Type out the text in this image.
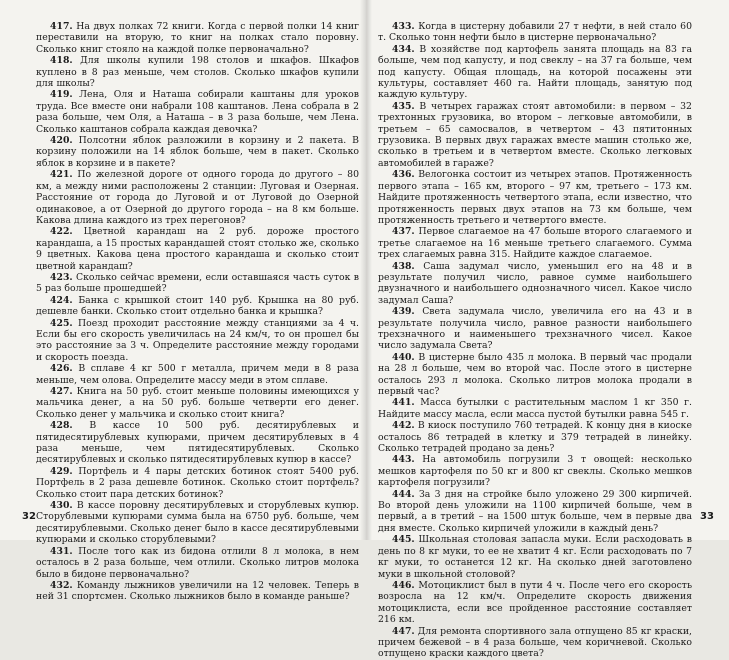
417. На двух полках 72 книги. Когда с первой полки 14 книг переставили на вторую, то книг на полках стало поровну. Сколько книг стояло на каждой полке первоначально?

418. Для школы купили 198 столов и шкафов. Шкафов куплено в 8 раз меньше, чем столов. Сколько шкафов купили для школы?

419. Лена, Оля и Наташа собирали каштаны для уроков труда. Все вместе они набрали 108 каштанов. Лена собрала в 2 раза больше, чем Оля, а Наташа – в 3 раза больше, чем Лена. Сколько каштанов собрала каждая девочка?

420. Полсотни яблок разложили в корзину и 2 пакета. В корзину положили на 14 яблок больше, чем в пакет. Сколько яблок в корзине и в пакете?

421. По железной дороге от одного города до другого – 80 км, а между ними расположены 2 станции: Луговая и Озерная. Расстояние от города до Луговой и от Луговой до Озерной одинаковое, а от Озерной до другого города – на 8 км больше. Какова длина каждого из трех перегонов?

422. Цветной карандаш на 2 руб. дороже простого карандаша, а 15 простых карандашей стоят столько же, сколько 9 цветных. Какова цена простого карандаша и сколько стоит цветной карандаш?

423. Сколько сейчас времени, если оставшаяся часть суток в 5 раз больше прошедшей?

424. Банка с крышкой стоит 140 руб. Крышка на 80 руб. дешевле банки. Сколько стоит отдельно банка и крышка?

425. Поезд проходит расстояние между станциями за 4 ч. Если бы его скорость увеличилась на 24 км/ч, то он прошел бы это расстояние за 3 ч. Определите расстояние между городами и скорость поезда.

426. В сплаве 4 кг 500 г металла, причем меди в 8 раза меньше, чем олова. Определите массу меди в этом сплаве.

427. Книга на 50 руб. стоит меньше половины имеющихся у мальчика денег, а на 50 руб. больше четверти его денег. Сколько денег у мальчика и сколько стоит книга?

428. В кассе 10 500 руб. десятирублевых и пятидесятирублевых купюрами, причем десятирублевых в 4 раза меньше, чем пятидесятирублевых. Сколько десятирублевых и сколько пятидесятирублевых купюр в кассе?

429. Портфель и 4 пары детских ботинок стоят 5400 руб. Портфель в 2 раза дешевле ботинок. Сколько стоит портфель? Сколько стоит пара детских ботинок?

430. В кассе поровну десятирублевых и сторублевых купюр. Сторублевыми купюрами сумма была на 6750 руб. больше, чем десятирублевыми. Сколько денег было в кассе десятирублевыми купюрами и сколько сторублевыми?

431. После того как из бидона отлили 8 л молока, в нем осталось в 2 раза больше, чем отлили. Сколько литров молока было в бидоне первоначально?

432. Команду лыжников увеличили на 12 человек. Теперь в ней 31 спортсмен. Сколько лыжников было в команде раньше?

32

433. Когда в цистерну добавили 27 т нефти, в ней стало 60 т. Сколько тонн нефти было в цистерне первоначально?

434. В хозяйстве под картофель занята площадь на 83 га больше, чем под капусту, и под свеклу – на 37 га больше, чем под капусту. Общая площадь, на которой посажены эти культуры, составляет 460 га. Найти площадь, занятую под каждую культуру.

435. В четырех гаражах стоят автомобили: в первом – 32 трехтонных грузовика, во втором – легковые автомобили, в третьем – 65 самосвалов, в четвертом – 43 пятитонных грузовика. В первых двух гаражах вместе машин столько же, сколько в третьем и в четвертом вместе. Сколько легковых автомобилей в гараже?

436. Велогонка состоит из четырех этапов. Протяженность первого этапа – 165 км, второго – 97 км, третьего – 173 км. Найдите протяженность четвертого этапа, если известно, что протяженность первых двух этапов на 73 км больше, чем протяженность третьего и четвертого вместе.

437. Первое слагаемое на 47 больше второго слагаемого и третье слагаемое на 16 меньше третьего слагаемого. Сумма трех слагаемых равна 315. Найдите каждое слагаемое.

438. Саша задумал число, уменьшил его на 48 и в результате получил число, равное сумме наибольшего двузначного и наибольшего однозначного чисел. Какое число задумал Саша?

439. Света задумала число, увеличила его на 43 и в результате получила число, равное разности наибольшего трехзначного и наименьшего трехзначного чисел. Какое число задумала Света?

440. В цистерне было 435 л молока. В первый час продали на 28 л больше, чем во второй час. После этого в цистерне осталось 293 л молока. Сколько литров молока продали в первый час?

441. Масса бутылки с растительным маслом 1 кг 350 г. Найдите массу масла, если масса пустой бутылки равна 545 г.

442. В киоск поступило 760 тетрадей. К концу дня в киоске осталось 86 тетрадей в клетку и 379 тетрадей в линейку. Сколько тетрадей продано за день?

443. На автомобиль погрузили 3 т овощей: несколько мешков картофеля по 50 кг и 800 кг свеклы. Сколько мешков картофеля погрузили?

444. За 3 дня на стройке было уложено 29 300 кирпичей. Во второй день уложили на 1100 кирпичей больше, чем в первый, а в третий – на 1500 штук больше, чем в первые два дня вместе. Сколько кирпичей уложили в каждый день?

445. Школьная столовая запасла муки. Если расходовать в день по 8 кг муки, то ее не хватит 4 кг. Если расходовать по 7 кг муки, то останется 12 кг. На сколько дней заготовлено муки в школьной столовой?

446. Мотоциклист был в пути 4 ч. После чего его скорость возросла на 12 км/ч. Определите скорость движения мотоциклиста, если все пройденное расстояние составляет 216 км.

447. Для ремонта спортивного зала отпущено 85 кг краски, причем бежевой – в 4 раза больше, чем коричневой. Сколько отпущено краски каждого цвета?

33
